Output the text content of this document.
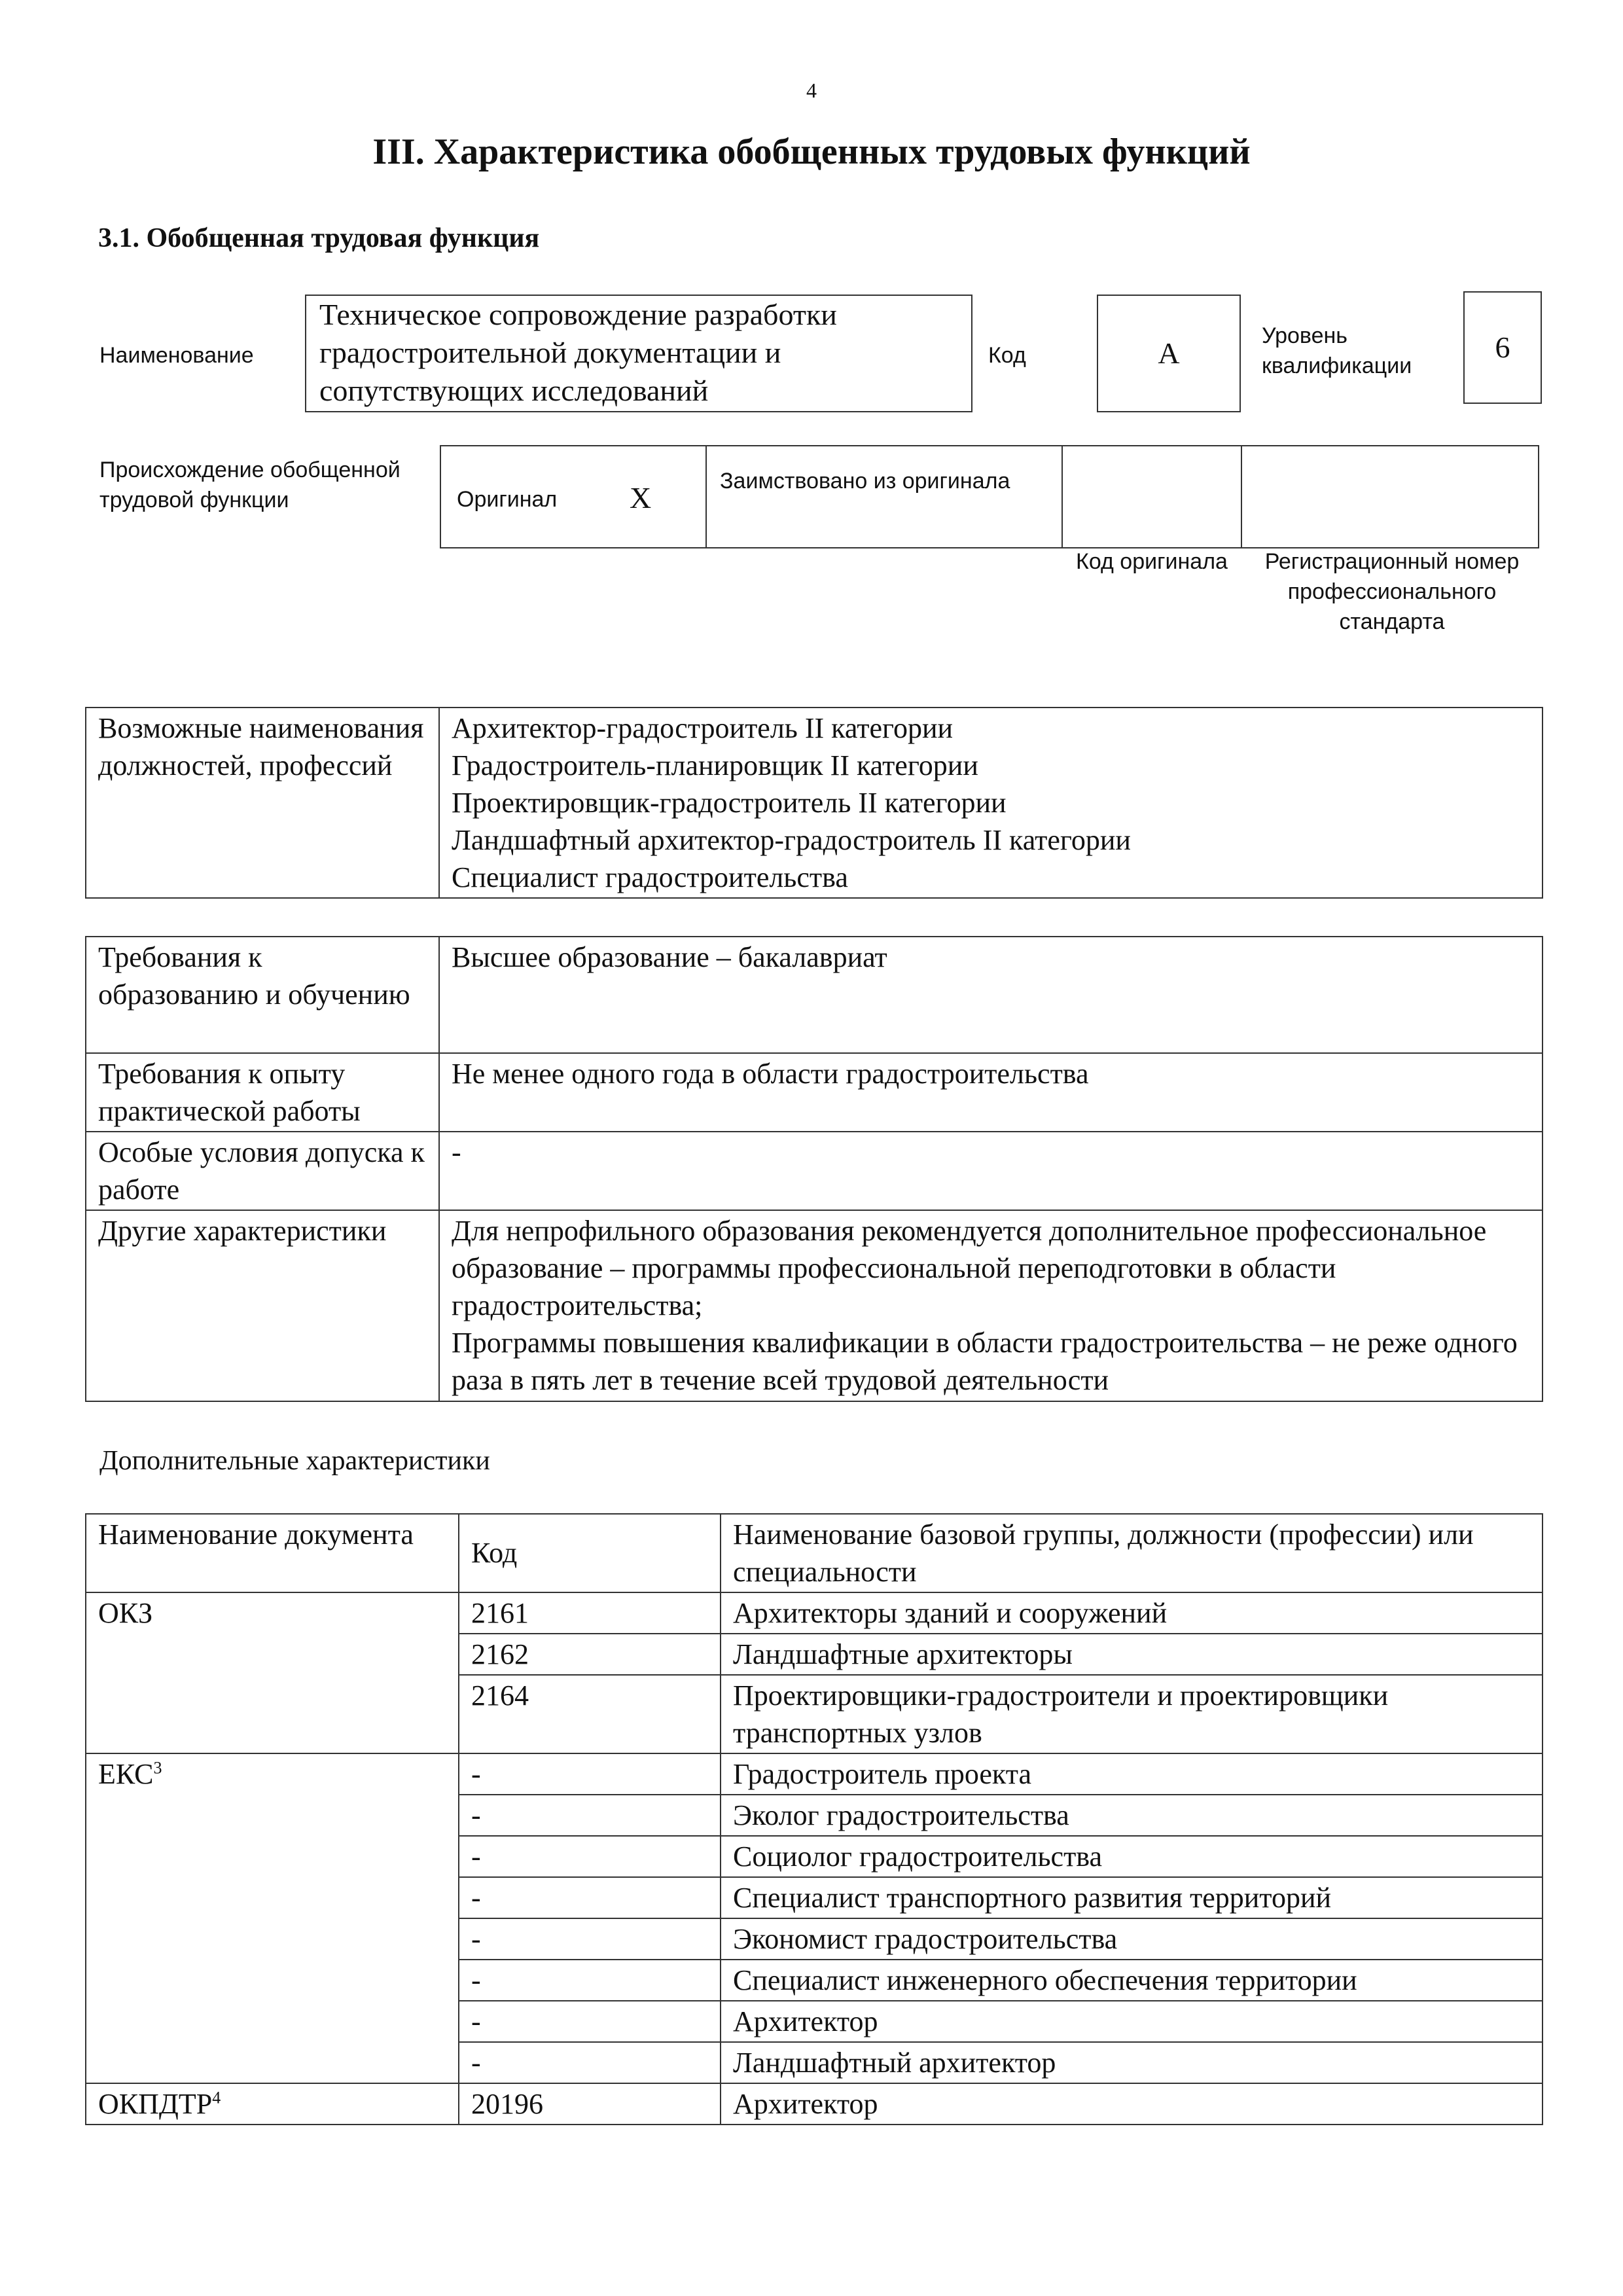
4
III. Характеристика обобщенных трудовых функций
3.1. Обобщенная трудовая функция
Наименование
Техническое сопровождение разработки градостроительной документации и сопутствующих исследований
Код	А
Уровень квалификации
6
Происхождение обобщенной трудовой функции	Оригинал Х	Заимствовано из оригинала
Код оригинала	Регистрационный номер профессионального стандарта
Возможные наименования должностей, профессий	
Архитектор-градостроитель II категории
Градостроитель-планировщик II категории
Проектировщик-градостроитель II категории
Ландшафтный архитектор-градостроитель II категории
Специалист градостроительства
Требования к образованию и обучению	Высшее образование – бакалавриат
Требования к опыту практической работы	Не менее одного года в области градостроительства
Особые условия допуска к работе	-
Другие характеристики	Для непрофильного образования рекомендуется дополнительное профессиональное образование – программы профессиональной переподготовки в области градостроительства;
Программы повышения квалификации в области градостроительства – не реже одного раза в пять лет в течение всей трудовой деятельности
Дополнительные характеристики
Наименование документа	Код	Наименование базовой группы, должности (профессии) или специальности
ОКЗ	2161	Архитекторы зданий и сооружений
	2162	Ландшафтные архитекторы
	2164	Проектировщики-градостроители и проектировщики транспортных узлов
ЕКС$^3$	-	Градостроитель проекта
	-	Эколог градостроительства
	-	Социолог градостроительства
	-	Специалист транспортного развития территорий
	-	Экономист градостроительства
	-	Специалист инженерного обеспечения территории
	-	Архитектор
	-	Ландшафтный архитектор
ОКПДТР$^4$	20196	Архитектор
